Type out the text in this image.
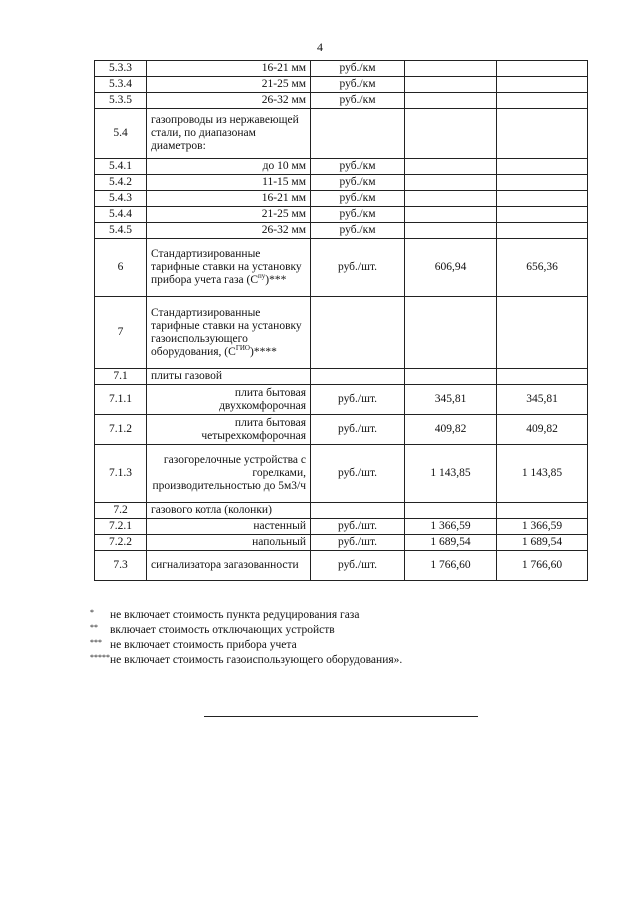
4
5.3.3	16-21 мм	руб./км		
5.3.4	21-25 мм	руб./км		
5.3.5	26-32 мм	руб./км		
5.4	газопроводы из нержавеющей стали, по диапазонам диаметров:			
5.4.1	до 10 мм	руб./км		
5.4.2	11-15 мм	руб./км		
5.4.3	16-21 мм	руб./км		
5.4.4	21-25 мм	руб./км		
5.4.5	26-32 мм	руб./км		
6	Стандартизированные тарифные ставки на установку прибора учета газа $(С^{пу})***$	руб./шт.	606,94	656,36
7	Стандартизированные тарифные ставки на установку газоиспользующего оборудования, $(С^{ГИО})****$			
7.1	плиты газовой			
7.1.1	плита бытовая двухкомфорочная	руб./шт.	345,81	345,81
7.1.2	плита бытовая четырехкомфорочная	руб./шт.	409,82	409,82
7.1.3	газогорелочные устройства с горелками, производительностью до 5м3/ч	руб./шт.	1 143,85	1 143,85
7.2	газового котла (колонки)			
7.2.1	настенный	руб./шт.	1 366,59	1 366,59
7.2.2	напольный	руб./шт.	1 689,54	1 689,54
7.3	сигнализатора загазованности	руб./шт.	1 766,60	1 766,60
*	не включает стоимость пункта редуцирования газа
**	включает стоимость отключающих устройств
*** не включает стоимость прибора учета
***** не включает стоимость газоиспользующего оборудования».
